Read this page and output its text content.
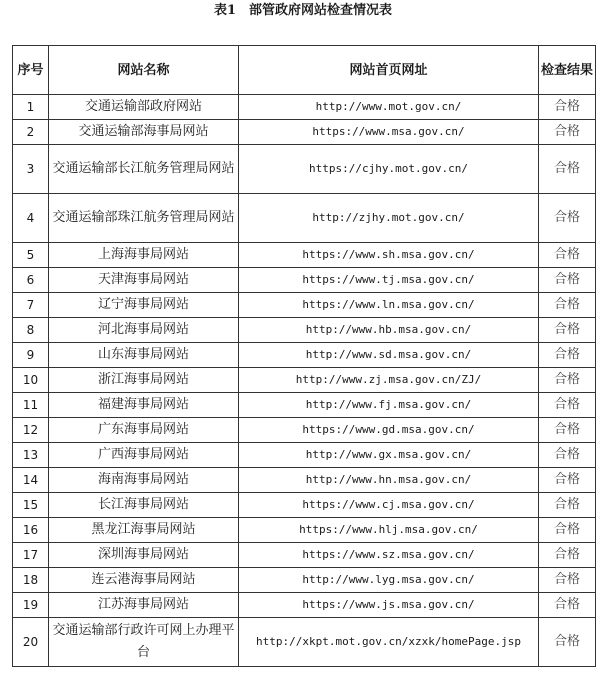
表1　部管政府网站检查情况表
序号	网站名称	网站首页网址	检查结果
1	交通运输部政府网站	http://www.mot.gov.cn/	合格
2	交通运输部海事局网站	https://www.msa.gov.cn/	合格
3	交通运输部长江航务管理局网站	https://cjhy.mot.gov.cn/	合格
4	交通运输部珠江航务管理局网站	http://zjhy.mot.gov.cn/	合格
5	上海海事局网站	https://www.sh.msa.gov.cn/	合格
6	天津海事局网站	https://www.tj.msa.gov.cn/	合格
7	辽宁海事局网站	https://www.ln.msa.gov.cn/	合格
8	河北海事局网站	http://www.hb.msa.gov.cn/	合格
9	山东海事局网站	http://www.sd.msa.gov.cn/	合格
10	浙江海事局网站	http://www.zj.msa.gov.cn/ZJ/	合格
11	福建海事局网站	http://www.fj.msa.gov.cn/	合格
12	广东海事局网站	https://www.gd.msa.gov.cn/	合格
13	广西海事局网站	http://www.gx.msa.gov.cn/	合格
14	海南海事局网站	http://www.hn.msa.gov.cn/	合格
15	长江海事局网站	https://www.cj.msa.gov.cn/	合格
16	黑龙江海事局网站	https://www.hlj.msa.gov.cn/	合格
17	深圳海事局网站	https://www.sz.msa.gov.cn/	合格
18	连云港海事局网站	http://www.lyg.msa.gov.cn/	合格
19	江苏海事局网站	https://www.js.msa.gov.cn/	合格
20	交通运输部行政许可网上办理平台	http://xkpt.mot.gov.cn/xzxk/homePage.jsp	合格
